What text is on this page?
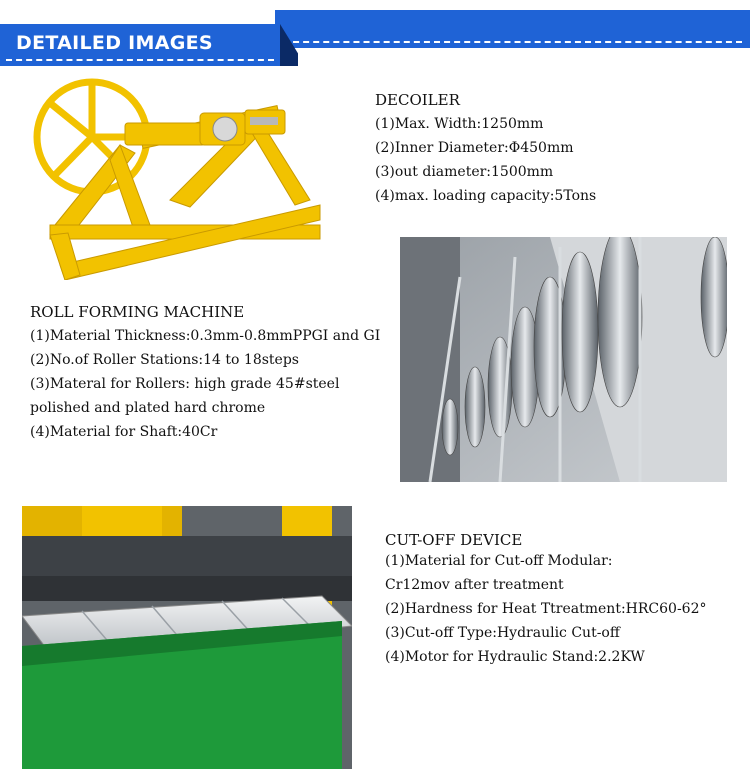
DETAILED IMAGES

DECOILER

(1)Max. Width:1250mm

(2)Inner Diameter:Φ450mm

(3)out diameter:1500mm

(4)max. loading capacity:5Tons

ROLL FORMING MACHINE

(1)Material Thickness:0.3mm-0.8mmPPGI and GI

(2)No.of Roller Stations:14 to 18steps

(3)Materal for Rollers: high grade 45#steel

polished and plated hard chrome

(4)Material for Shaft:40Cr

CUT-OFF DEVICE

(1)Material for Cut-off Modular:

Cr12mov after treatment

(2)Hardness for Heat Ttreatment:HRC60-62°

(3)Cut-off Type:Hydraulic Cut-off

(4)Motor for Hydraulic Stand:2.2KW
